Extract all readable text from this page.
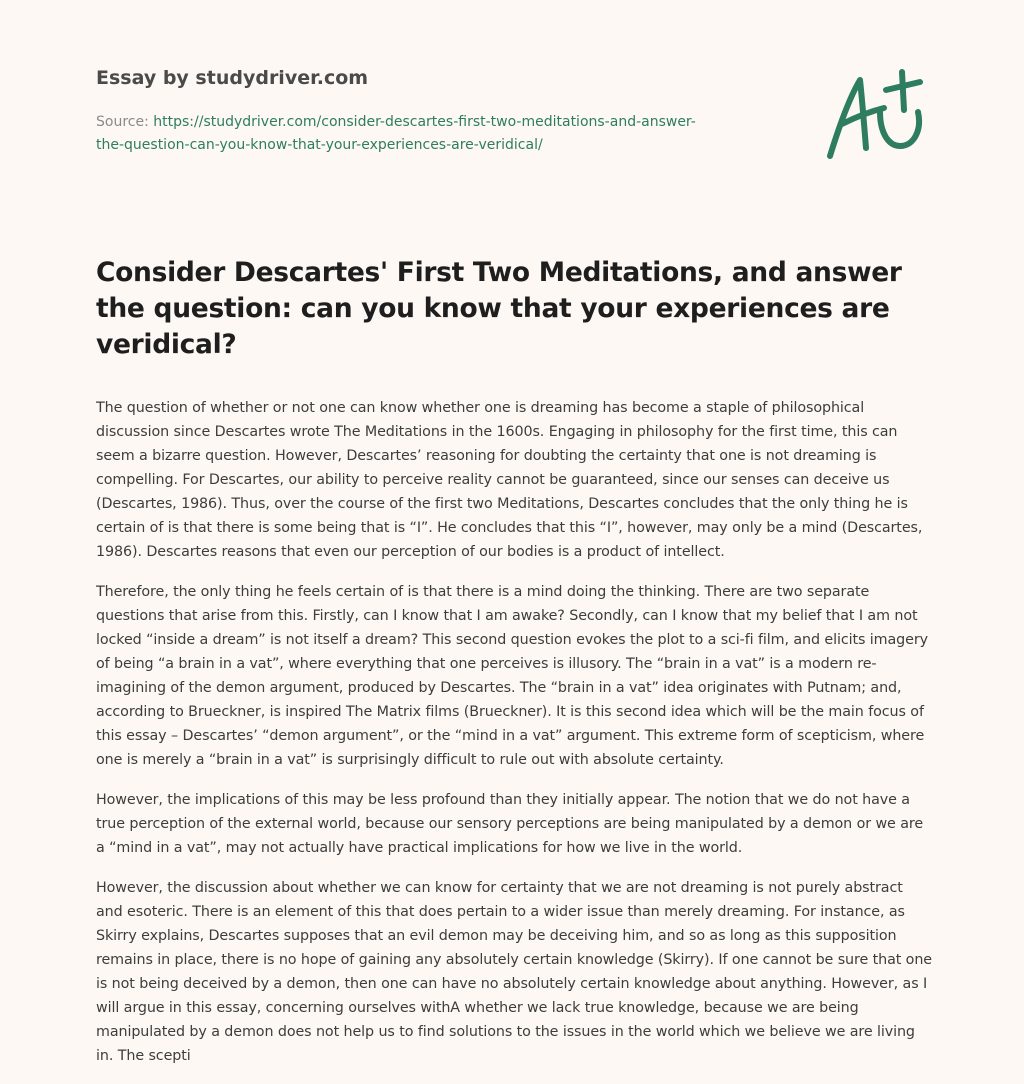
Essay by studydriver.com
Source: https://studydriver.com/consider-descartes-first-two-meditations-and-answer-
the-question-can-you-know-that-your-experiences-are-veridical/
Consider Descartes' First Two Meditations, and answer the question: can you know that your experiences are veridical?

The question of whether or not one can know whether one is dreaming has become a staple of philosophical discussion since Descartes wrote The Meditations in the 1600s. Engaging in philosophy for the first time, this can seem a bizarre question. However, Descartes’ reasoning for doubting the certainty that one is not dreaming is compelling. For Descartes, our ability to perceive reality cannot be guaranteed, since our senses can deceive us (Descartes, 1986). Thus, over the course of the first two Meditations, Descartes concludes that the only thing he is certain of is that there is some being that is “I”. He concludes that this “I”, however, may only be a mind (Descartes, 1986). Descartes reasons that even our perception of our bodies is a product of intellect.

Therefore, the only thing he feels certain of is that there is a mind doing the thinking. There are two separate questions that arise from this. Firstly, can I know that I am awake? Secondly, can I know that my belief that I am not locked “inside a dream” is not itself a dream? This second question evokes the plot to a sci-fi film, and elicits imagery of being “a brain in a vat”, where everything that one perceives is illusory. The “brain in a vat” is a modern re-imagining of the demon argument, produced by Descartes. The “brain in a vat” idea originates with Putnam; and, according to Brueckner, is inspired The Matrix films (Brueckner). It is this second idea which will be the main focus of this essay – Descartes’ “demon argument”, or the “mind in a vat” argument. This extreme form of scepticism, where one is merely a “brain in a vat” is surprisingly difficult to rule out with absolute certainty.

However, the implications of this may be less profound than they initially appear. The notion that we do not have a true perception of the external world, because our sensory perceptions are being manipulated by a demon or we are a “mind in a vat”, may not actually have practical implications for how we live in the world.

However, the discussion about whether we can know for certainty that we are not dreaming is not purely abstract and esoteric. There is an element of this that does pertain to a wider issue than merely dreaming. For instance, as Skirry explains, Descartes supposes that an evil demon may be deceiving him, and so as long as this supposition remains in place, there is no hope of gaining any absolutely certain knowledge (Skirry). If one cannot be sure that one is not being deceived by a demon, then one can have no absolutely certain knowledge about anything. However, as I will argue in this essay, concerning ourselves withA whether we lack true knowledge, because we are being manipulated by a demon does not help us to find solutions to the issues in the world which we believe we are living in. The scepti
